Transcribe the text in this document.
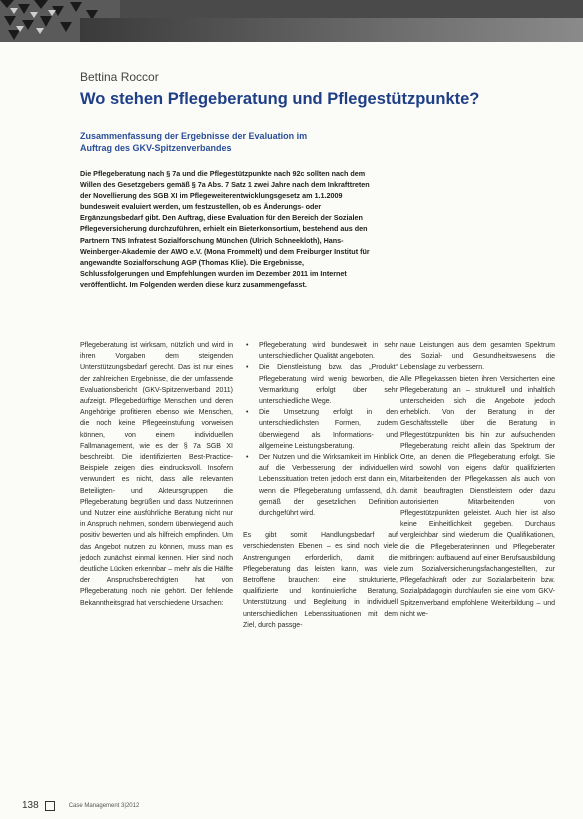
Bettina Roccor
Wo stehen Pflegeberatung und Pflegestützpunkte?
Zusammenfassung der Ergebnisse der Evaluation im
Auftrag des GKV-Spitzenverbandes
Die Pflegeberatung nach § 7a und die Pflegestützpunkte nach 92c sollten nach dem Willen des Gesetzgebers gemäß § 7a Abs. 7 Satz 1 zwei Jahre nach dem Inkrafttreten der Novellierung des SGB XI im Pflegeweiterentwicklungsgesetz am 1.1.2009 bundesweit evaluiert werden, um festzustellen, ob es Änderungs- oder Ergänzungsbedarf gibt. Den Auftrag, diese Evaluation für den Bereich der Sozialen Pflegeversicherung durchzuführen, erhielt ein Bieterkonsortium, bestehend aus den Partnern TNS Infratest Sozialforschung München (Ulrich Schneekloth), Hans-Weinberger-Akademie der AWO e.V. (Mona Frommelt) und dem Freiburger Institut für angewandte Sozialforschung AGP (Thomas Klie). Die Ergebnisse, Schlussfolgerungen und Empfehlungen wurden im Dezember 2011 im Internet veröffentlicht. Im Folgenden werden diese kurz zusammengefasst.

Pflegeberatung ist wirksam, nützlich und wird in ihren Vorgaben dem steigenden Unterstützungsbedarf gerecht. Das ist nur eines der zahlreichen Ergebnisse, die der umfassende Evaluationsbericht (GKV-Spitzenverband 2011) aufzeigt. Pflegebedürftige Menschen und deren Angehörige profitieren ebenso wie Menschen, die noch keine Pflegeeinstufung vorweisen können, von einem individuellen Fallmanagement, wie es der § 7a SGB XI beschreibt. Die identifizierten Best-Practice-Beispiele zeigen dies eindrucksvoll. Insofern verwundert es nicht, dass alle relevanten Beteiligten- und Akteursgruppen die Pflegeberatung begrüßen und dass Nutzerinnen und Nutzer eine ausführliche Beratung nicht nur in Anspruch nehmen, sondern überwiegend auch positiv bewerten und als hilfreich empfinden. Um das Angebot nutzen zu können, muss man es jedoch zunächst einmal kennen. Hier sind noch deutliche Lücken erkennbar – mehr als die Hälfte der Anspruchsberechtigten hat von Pflegeberatung noch nie gehört. Der fehlende Bekanntheitsgrad hat verschiedene Ursachen:

• Pflegeberatung wird bundesweit in sehr unterschiedlicher Qualität angeboten.
• Die Dienstleistung bzw. das „Produkt“ Pflegeberatung wird wenig beworben, die Vermarktung erfolgt über sehr unterschiedliche Wege.
• Die Umsetzung erfolgt in den unterschiedlichsten Formen, zudem überwiegend als Informations- und allgemeine Leistungsberatung.
• Der Nutzen und die Wirksamkeit im Hinblick auf die Verbesserung der individuellen Lebenssituation treten jedoch erst dann ein, wenn die Pflegeberatung umfassend, d.h. gemäß der gesetzlichen Definition durchgeführt wird.

Es gibt somit Handlungsbedarf auf verschiedensten Ebenen – es sind noch viele Anstrengungen erforderlich, damit die Pflegeberatung das leisten kann, was viele Betroffene brauchen: eine strukturierte, qualifizierte und kontinuierliche Beratung, Unterstützung und Begleitung in individuell unterschiedlichen Lebenssituationen mit dem Ziel, durch passge-

naue Leistungen aus dem gesamten Spektrum des Sozial- und Gesundheitswesens die Lebenslage zu verbessern.

Alle Pflegekassen bieten ihren Versicherten eine Pflegeberatung an – strukturell und inhaltlich unterscheiden sich die Angebote jedoch erheblich. Von der Beratung in der Geschäftsstelle über die Beratung in Pflegestützpunkten bis hin zur aufsuchenden Pflegeberatung reicht allein das Spektrum der Orte, an denen die Pflegeberatung erfolgt. Sie wird sowohl von eigens dafür qualifizierten Mitarbeitenden der Pflegekassen als auch von damit beauftragten Dienstleistern oder dazu autorisierten Mitarbeitenden von Pflegestützpunkten geleistet. Auch hier ist also keine Einheitlichkeit gegeben. Durchaus vergleichbar sind wiederum die Qualifikationen, die die Pflegeberaterinnen und Pflegeberater mitbringen: aufbauend auf einer Berufsausbildung zum Sozialversicherungsfachangestellten, zur Pflegefachkraft oder zur Sozialarbeiterin bzw. Sozialpädagogin durchlaufen sie eine vom GKV-Spitzenverband empfohlene Weiterbildung – und nicht we-

138	Case Management 3|2012
